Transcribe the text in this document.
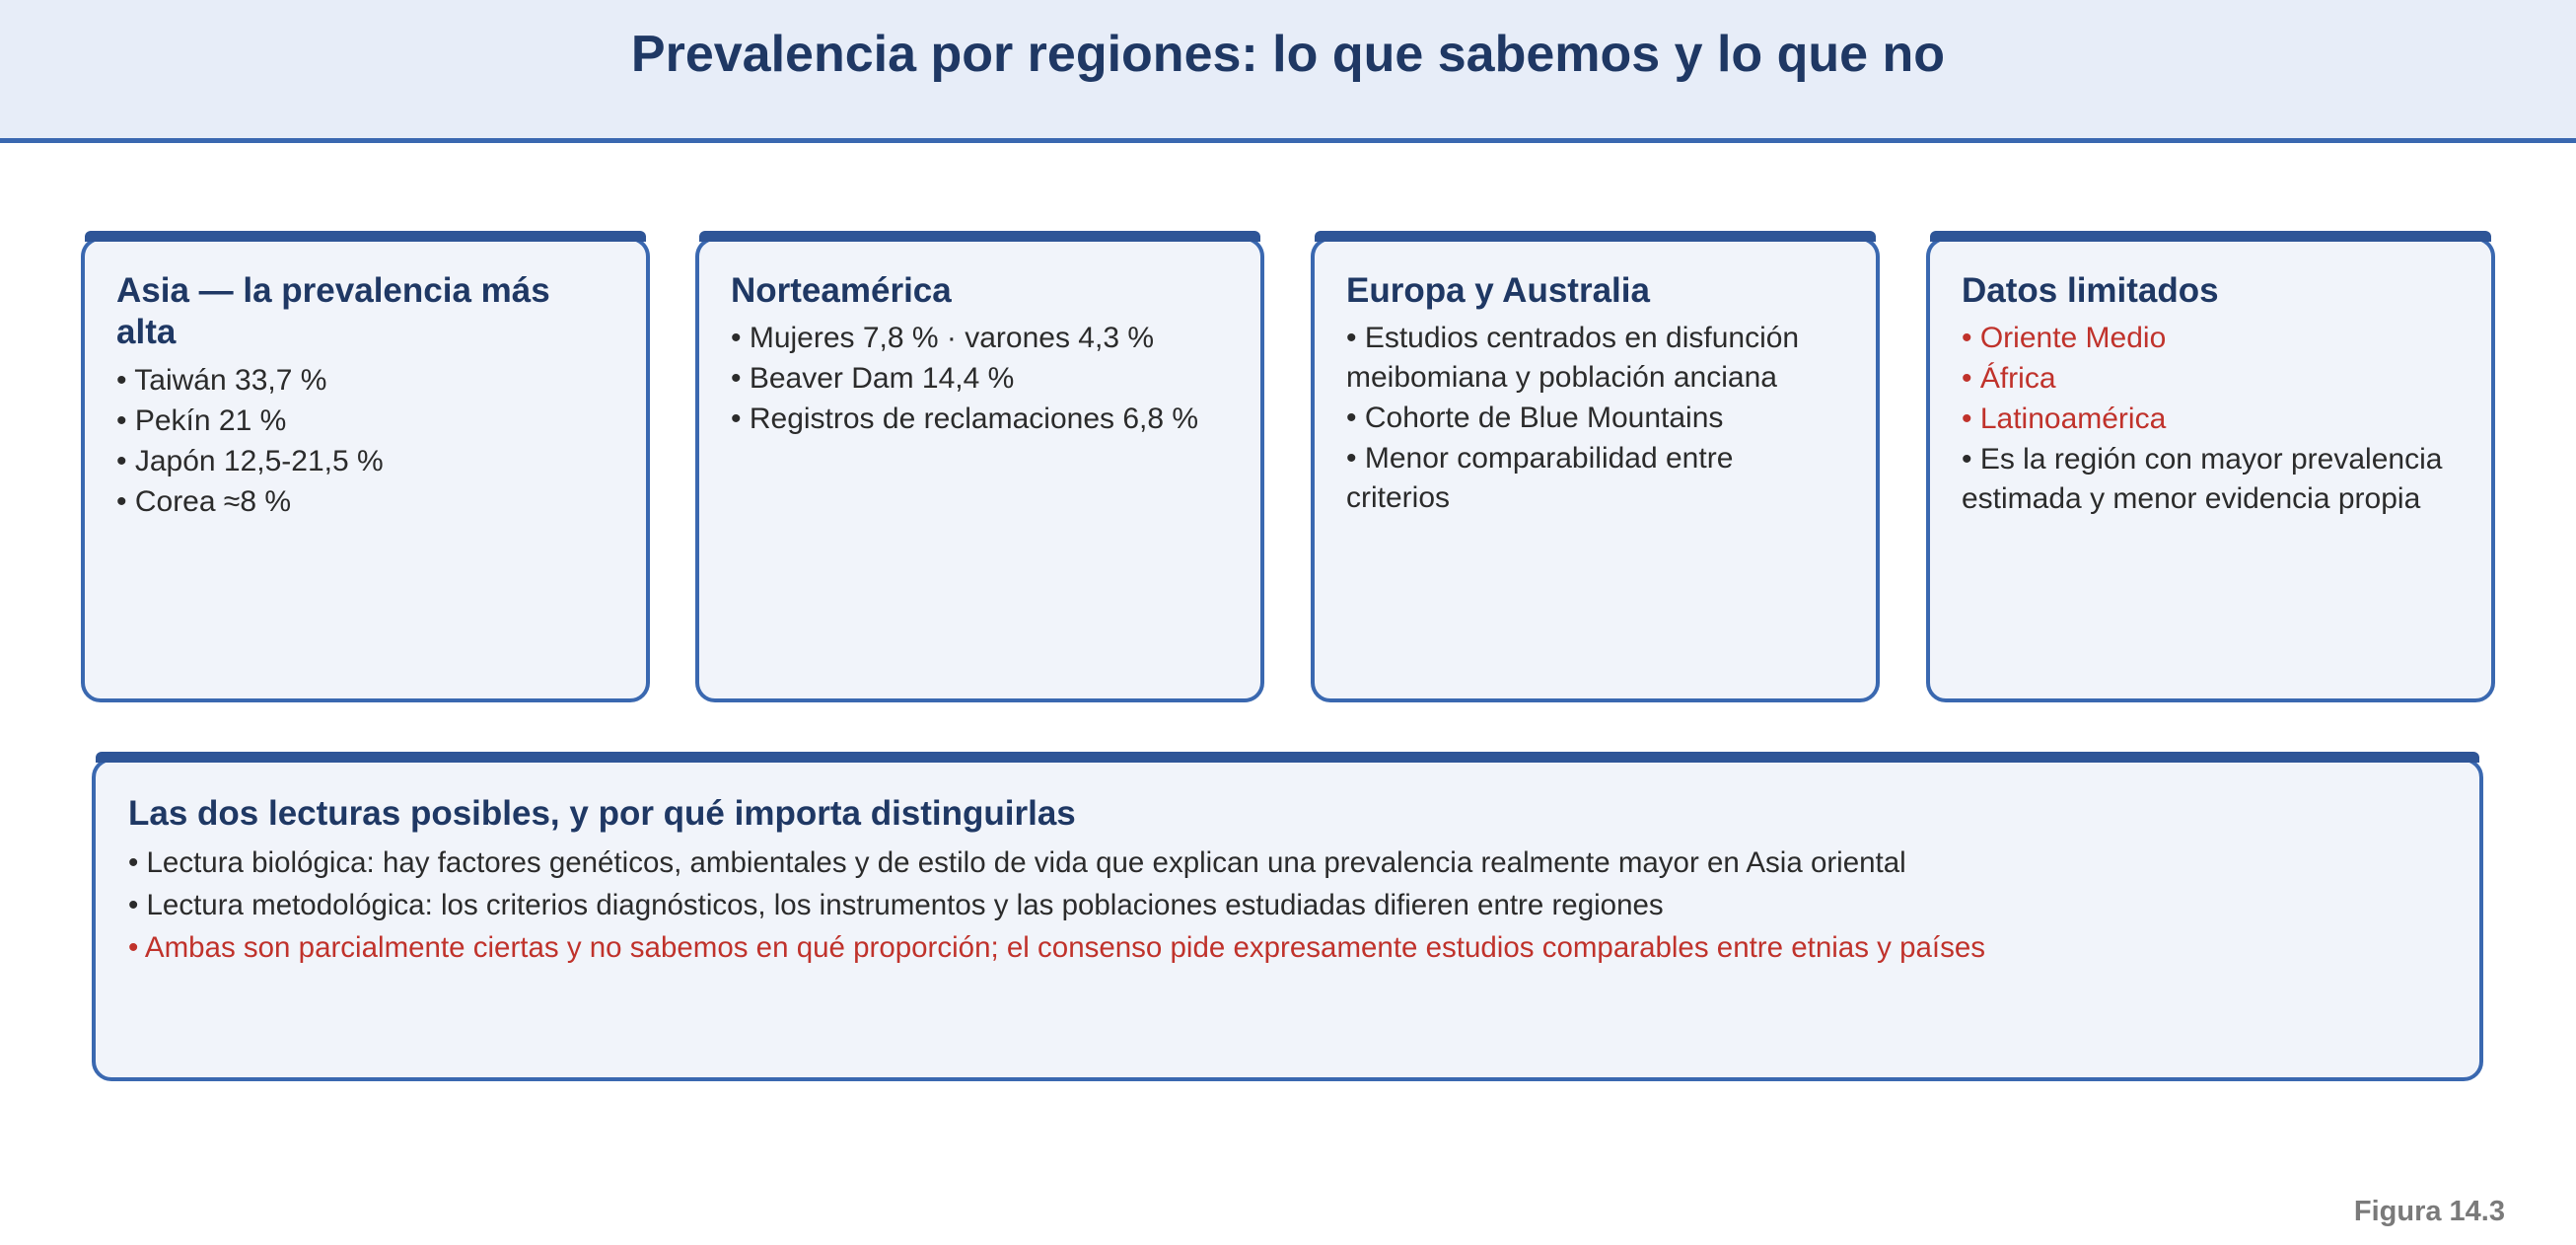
Prevalencia por regiones: lo que sabemos y lo que no
Asia — la prevalencia más alta
• Taiwán 33,7 %
• Pekín 21 %
• Japón 12,5-21,5 %
• Corea ≈8 %
Norteamérica
• Mujeres 7,8 % · varones 4,3 %
• Beaver Dam 14,4 %
• Registros de reclamaciones 6,8 %
Europa y Australia
• Estudios centrados en disfunción meibomiana y población anciana
• Cohorte de Blue Mountains
• Menor comparabilidad entre criterios
Datos limitados
• Oriente Medio
• África
• Latinoamérica
• Es la región con mayor prevalencia estimada y menor evidencia propia
Las dos lecturas posibles, y por qué importa distinguirlas
• Lectura biológica: hay factores genéticos, ambientales y de estilo de vida que explican una prevalencia realmente mayor en Asia oriental
• Lectura metodológica: los criterios diagnósticos, los instrumentos y las poblaciones estudiadas difieren entre regiones
• Ambas son parcialmente ciertas y no sabemos en qué proporción; el consenso pide expresamente estudios comparables entre etnias y países

Figura 14.3
